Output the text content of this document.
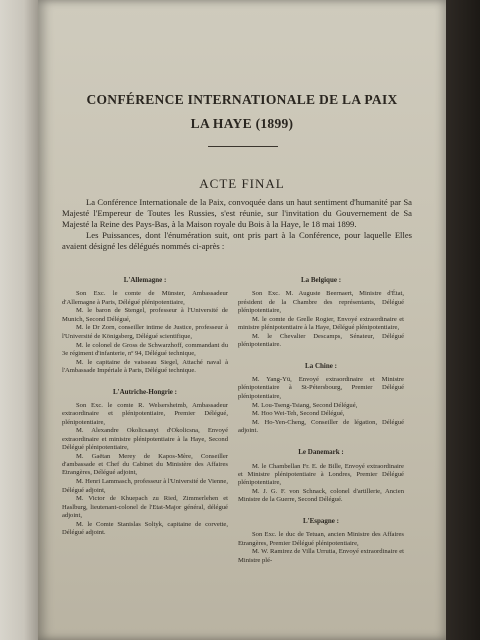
CONFÉRENCE INTERNATIONALE DE LA PAIX
LA HAYE (1899)
ACTE FINAL

La Conférence Internationale de la Paix, convoquée dans un haut sentiment d'humanité par Sa Majesté l'Empereur de Toutes les Russies, s'est réunie, sur l'invitation du Gouvernement de Sa Majesté la Reine des Pays-Bas, à la Maison royale du Bois à la Haye, le 18 mai 1899.

Les Puissances, dont l'énumération suit, ont pris part à la Conférence, pour laquelle Elles avaient désigné les délégués nommés ci-après :

L'Allemagne :
Son Exc. le comte de Münster, Ambassadeur d'Allemagne à Paris, Délégué plénipotentiaire,
M. le baron de Stengel, professeur à l'Université de Munich, Second Délégué,
M. le Dr Zorn, conseiller intime de Justice, professeur à l'Université de Königsberg, Délégué scientifique,
M. le colonel de Gross de Schwarzhoff, commandant du 3e régiment d'infanterie, nº 94, Délégué technique,
M. le capitaine de vaisseau Siegel, Attaché naval à l'Ambassade Impériale à Paris, Délégué technique.
L'Autriche-Hongrie :
Son Exc. le comte R. Welsersheimb, Ambassadeur extraordinaire et plénipotentiaire, Premier Délégué, plénipotentiaire,
M. Alexandre Okolicsanyi d'Okolicsna, Envoyé extraordinaire et ministre plénipotentiaire à la Haye, Second Délégué plénipotentiaire,
M. Gaëtan Merey de Kapos-Mère, Conseiller d'ambassade et Chef du Cabinet du Ministère des Affaires Etrangères, Délégué adjoint,
M. Henri Lammasch, professeur à l'Université de Vienne, Délégué adjoint,
M. Victor de Khuepach zu Ried, Zimmerlehen et Haslburg, lieutenant-colonel de l'Etat-Major général, délégué adjoint,
M. le Comte Stanislas Soltyk, capitaine de corvette, Délégué adjoint.
La Belgique :
Son Exc. M. Auguste Beernaert, Ministre d'État, président de la Chambre des représentants, Délégué plénipotentiaire,
M. le comte de Grelle Rogier, Envoyé extraordinaire et ministre plénipotentiaire à la Haye, Délégué plénipotentiaire,
M. le Chevalier Descamps, Sénateur, Délégué plénipotentiaire.
La Chine :
M. Yang-Yü, Envoyé extraordinaire et Ministre plénipotentiaire à St-Pétersbourg, Premier Délégué plénipotentiaire,
M. Lou-Tseng-Tsiang, Second Délégué,
M. Hoo Wei-Teh, Second Délégué,
M. Ho-Yen-Cheng, Conseiller de légation, Délégué adjoint.
Le Danemark :
M. le Chambellan Fr. E. de Bille, Envoyé extraordinaire et Ministre plénipotentiaire à Londres, Premier Délégué plénipotentiaire,
M. J. G. F. von Schnack, colonel d'artillerie, Ancien Ministre de la Guerre, Second Délégué.
L'Espagne :
Son Exc. le duc de Tetuan, ancien Ministre des Affaires Etrangères, Premier Délégué plénipotentiaire,
M. W. Ramirez de Villa Urrutia, Envoyé extraordinaire et Ministre plé-
